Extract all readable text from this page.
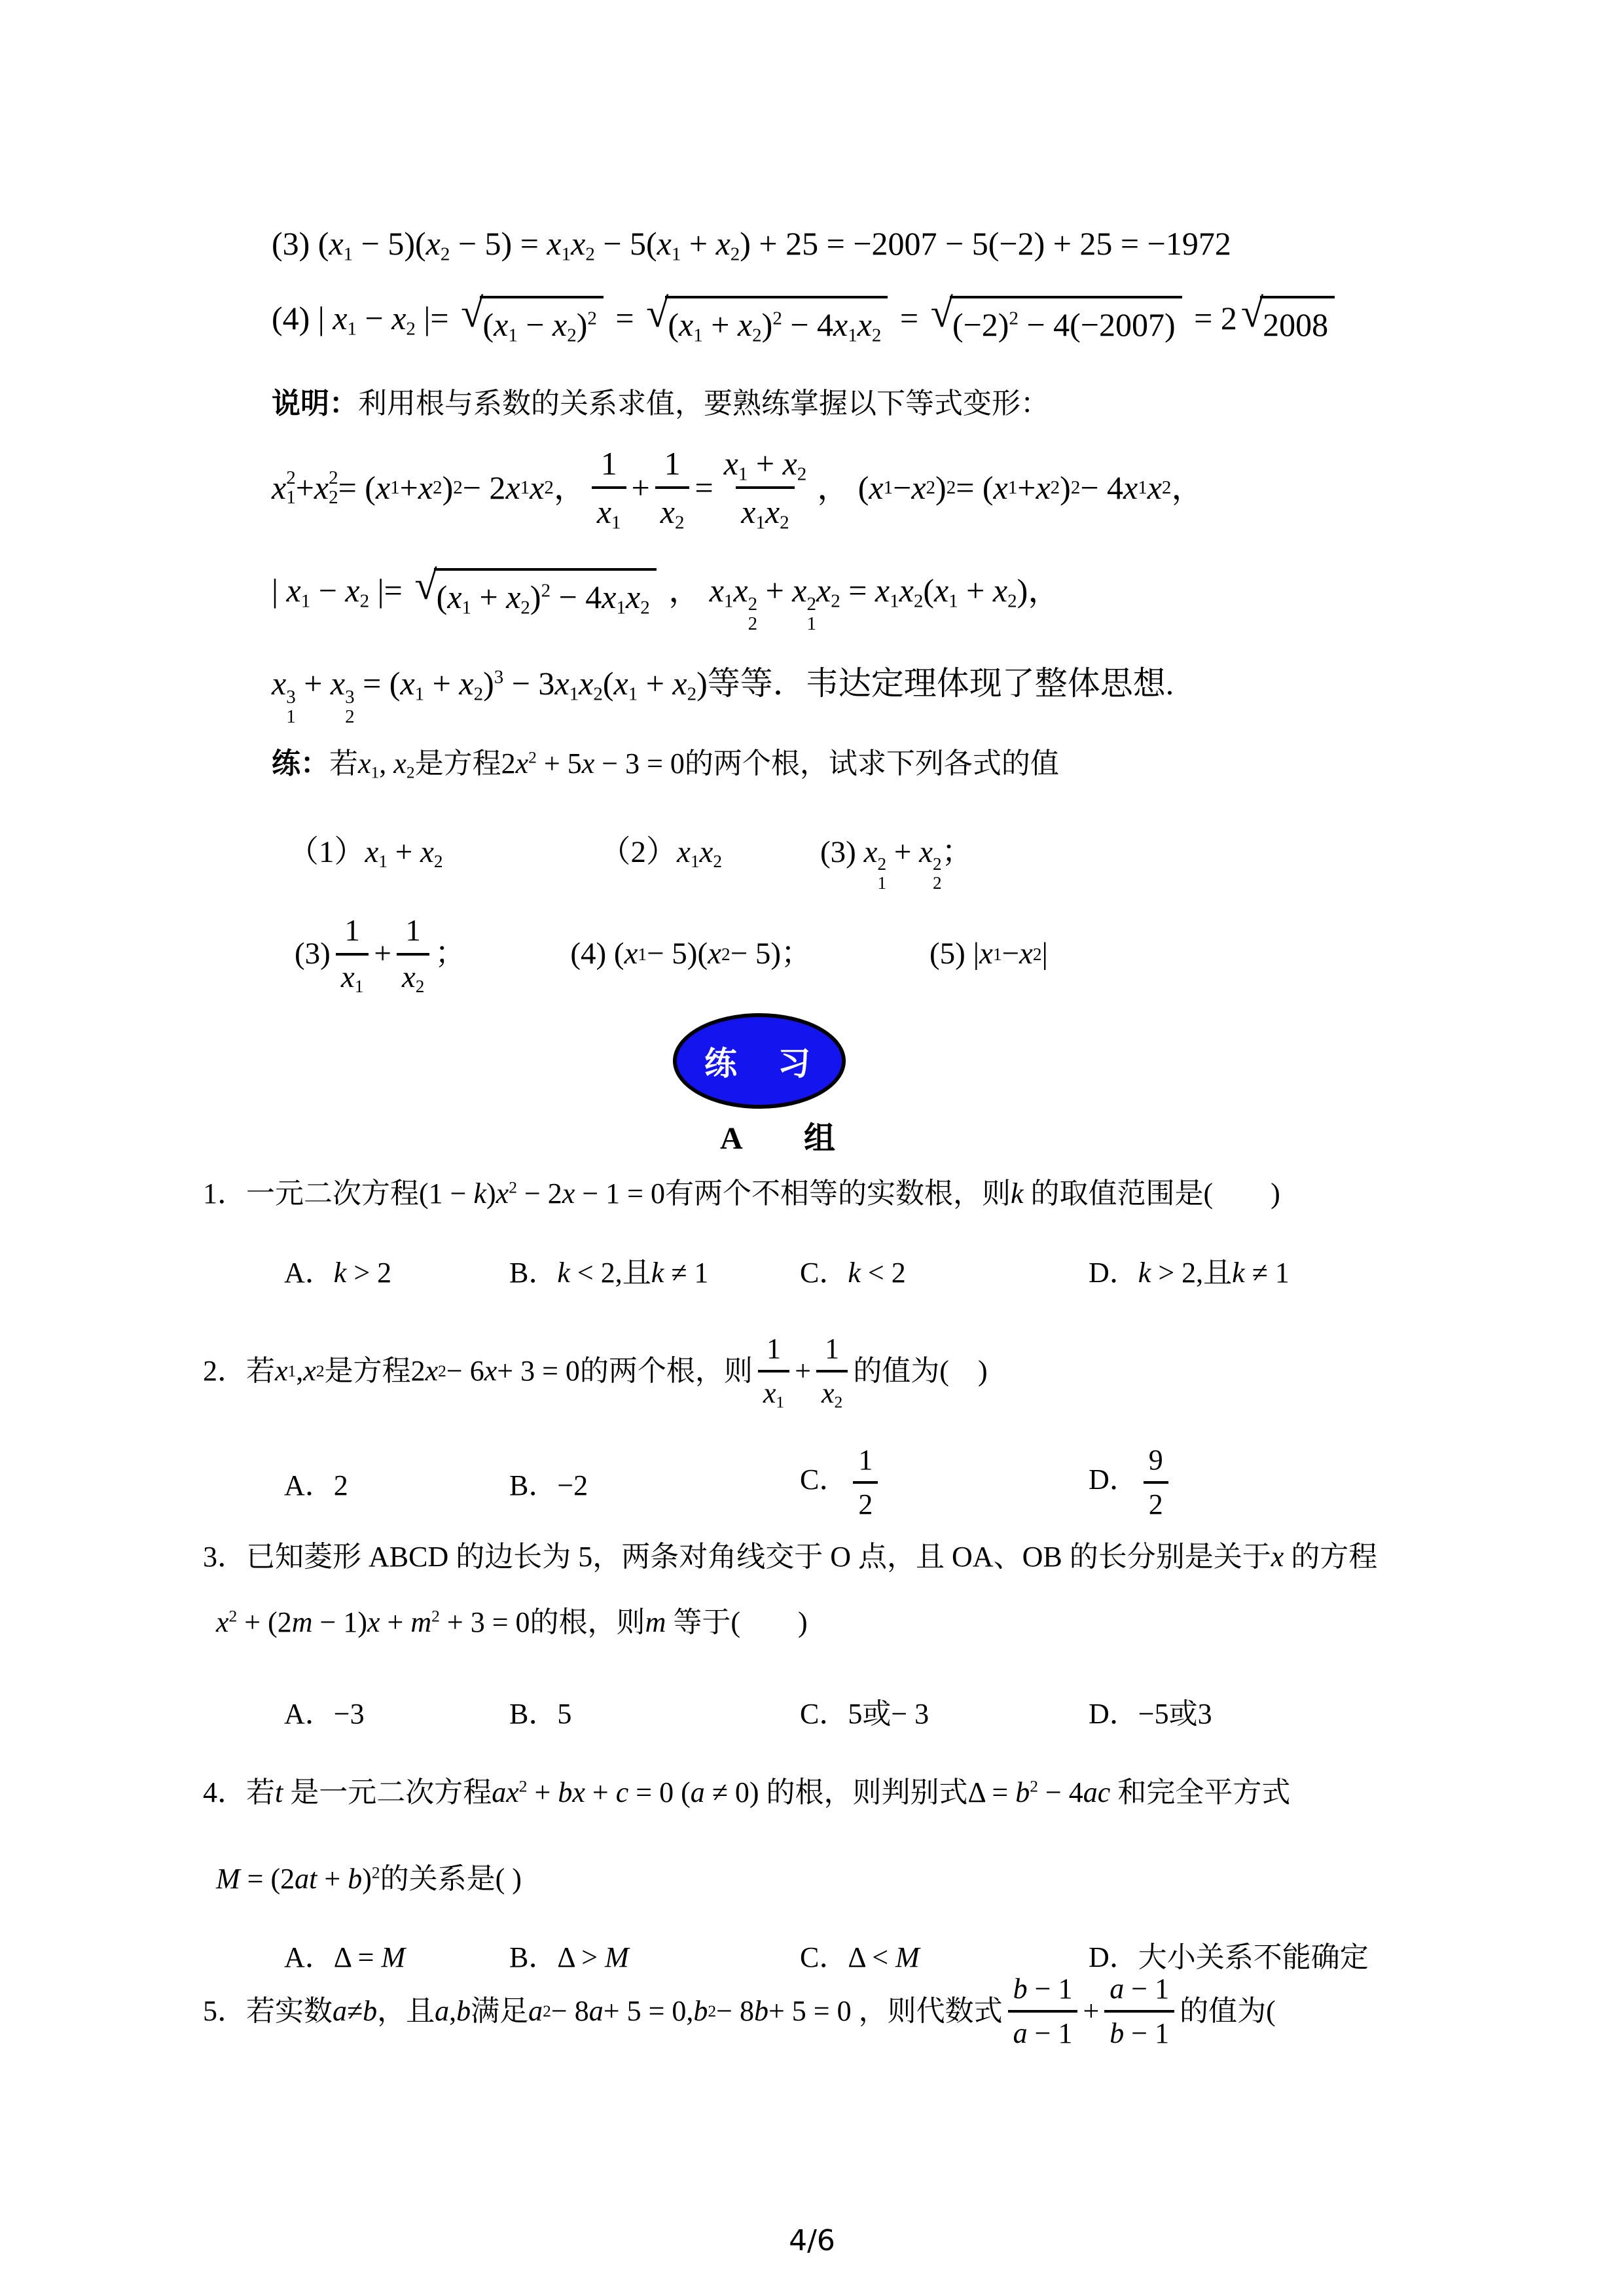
(3) $(x_1 - 5)(x_2 - 5) = x_1x_2 - 5(x_1 + x_2) + 25 = -2007 - 5(-2) + 25 = -1972$
(4) | $x_1 - x_2$ |= √ $(x_1 - x_2)^2$ = √ $(x_1 + x_2)^2 - 4x_1x_2$ = √ $(-2)^2 - 4(-2007) = 2$ √ 2008
说明：利用根与系数的关系求值，要熟练掌握以下等式变形：
x 2
1 + x 2
2 = ( x 1 + x 2 ) 2 − 2 x 1 x 2 ， $\frac{1}{x_1} + \frac{1}{x_2} = \frac{x_1 + x_2}{x_1x_2}$ ， ( x 1 − x 2 ) 2 = ( x 1 + x 2 ) 2 − 4 x 1 x 2 ，
| $x_1 - x_2$ |= √ $(x_1 + x_2)^2 - 4x_1x_2$ ， $x_1x$ 2
2
+ x 2
1
$x_2 = x_1x_2(x_1 + x_2)$，
x 3
1
+ x 3
2
= $(x_1 + x_2)^3 - 3x_1x_2(x_1 + x_2)$等等．韦达定理体现了整体思想.
练：若$x_1$, $x_2$是方程$2x^2 + 5x - 3 = 0$的两个根，试求下列各式的值
$(1)x_1 + x_2$	$(2)x_1x_2$	(3) x 2
1
+ x 2
2
；
$(3) \frac{1}{x_1} + \frac{1}{x_2}$ ；	(4) ( x 1 − 5)( x 2 − 5)；	(5) | x 1 − x 2 |
练　习
A　　组
1．一元二次方程$(1 - k)x^2 - 2x - 1 = 0$有两个不相等的实数根，则k 的取值范围是(　　)
A．k > 2	B．k < 2,且k ≠ 1	C．k < 2	D．k > 2,且k ≠ 1
2．若 x 1 , x 2 是方程2 x 2 − 6 x + 3 = 0的两个根，则 $\frac{1}{x_1} + \frac{1}{x_2}$ 的值为(　)
A．2	B．−2	C． $\frac{1}{2}$	D． $\frac{9}{2}$
3．已知菱形 ABCD 的边长为 5，两条对角线交于 O 点，且 OA、OB 的长分别是关于x 的方程
$x^2 + (2m - 1)x + m^2 + 3 = 0$的根，则m 等于(　　)
A．−3	B．5	C．5或− 3	D．−5或3
4．若t 是一元二次方程$ax^2$ + bx + c = 0 (a ≠ 0) 的根，则判别式$\Delta = b^2 - 4ac$ 和完全平方式
$M = (2at + b)^2$的关系是( )
A．Δ = M	B．Δ > M	C．Δ < M	D．大小关系不能确定
5．若实数 a ≠ b ，且 a , b 满足 a 2 − 8 a + 5 = 0, b 2 − 8 b + 5 = 0 ，则代数式 $\frac{b - 1}{a - 1} + \frac{a - 1}{b - 1}$ 的值为(
4/6
